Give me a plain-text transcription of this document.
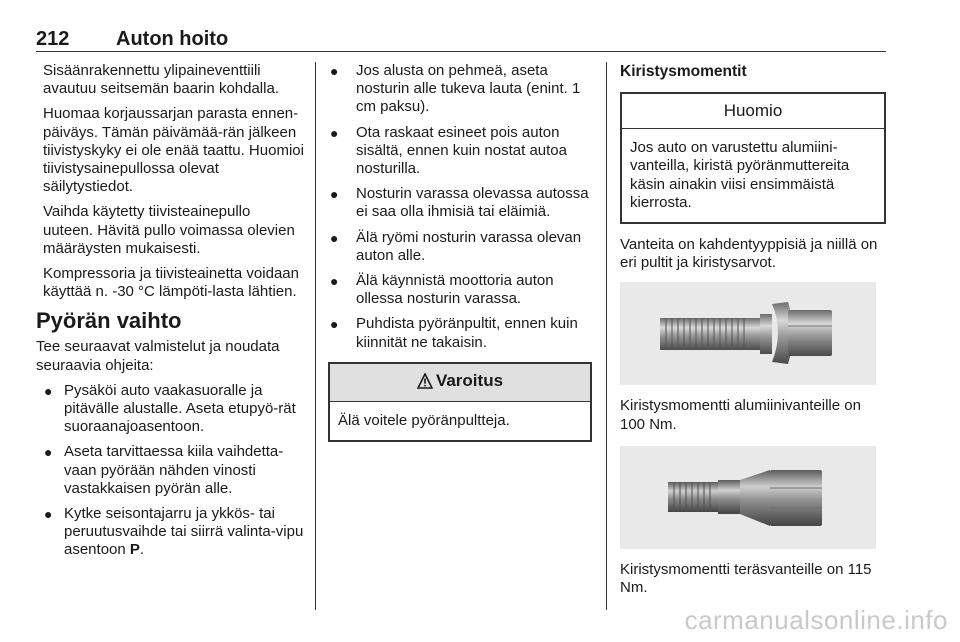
212 Auton hoito

Sisäänrakennettu ylipaineventtiili avautuu seitsemän baarin kohdalla.

Huomaa korjaussarjan parasta ennen-päiväys. Tämän päivämää-rän jälkeen tiivistyskyky ei ole enää taattu. Huomioi tiivistysainepullossa olevat säilytystiedot.

Vaihda käytetty tiivisteainepullo uuteen. Hävitä pullo voimassa olevien määräysten mukaisesti.

Kompressoria ja tiivisteainetta voidaan käyttää n. -30 °C lämpöti-lasta lähtien.

Pyörän vaihto

Tee seuraavat valmistelut ja noudata seuraavia ohjeita:

● Pysäköi auto vaakasuoralle ja pitävälle alustalle. Aseta etupyö-rät suoraanajoasentoon.
● Aseta tarvittaessa kiila vaihdetta-vaan pyörään nähden vinosti vastakkaisen pyörän alle.
● Kytke seisontajarru ja ykkös- tai peruutusvaihde tai siirrä valinta-vipu asentoon P.
● Jos alusta on pehmeä, aseta nosturin alle tukeva lauta (enint. 1 cm paksu).
● Ota raskaat esineet pois auton sisältä, ennen kuin nostat autoa nosturilla.
● Nosturin varassa olevassa autossa ei saa olla ihmisiä tai eläimiä.
● Älä ryömi nosturin varassa olevan auton alle.
● Älä käynnistä moottoria auton ollessa nosturin varassa.
● Puhdista pyöränpultit, ennen kuin kiinnität ne takaisin.
Varoitus
Älä voitele pyöränpultteja.
Kiristysmomentit
Huomio
Jos auto on varustettu alumiini-vanteilla, kiristä pyöränmuttereita käsin ainakin viisi ensimmäistä kierrosta.

Vanteita on kahdentyyppisiä ja niillä on eri pultit ja kiristysarvot.

Kiristysmomentti alumiinivanteille on 100 Nm.

Kiristysmomentti teräsvanteille on 115 Nm.

carmanualsonline.info
